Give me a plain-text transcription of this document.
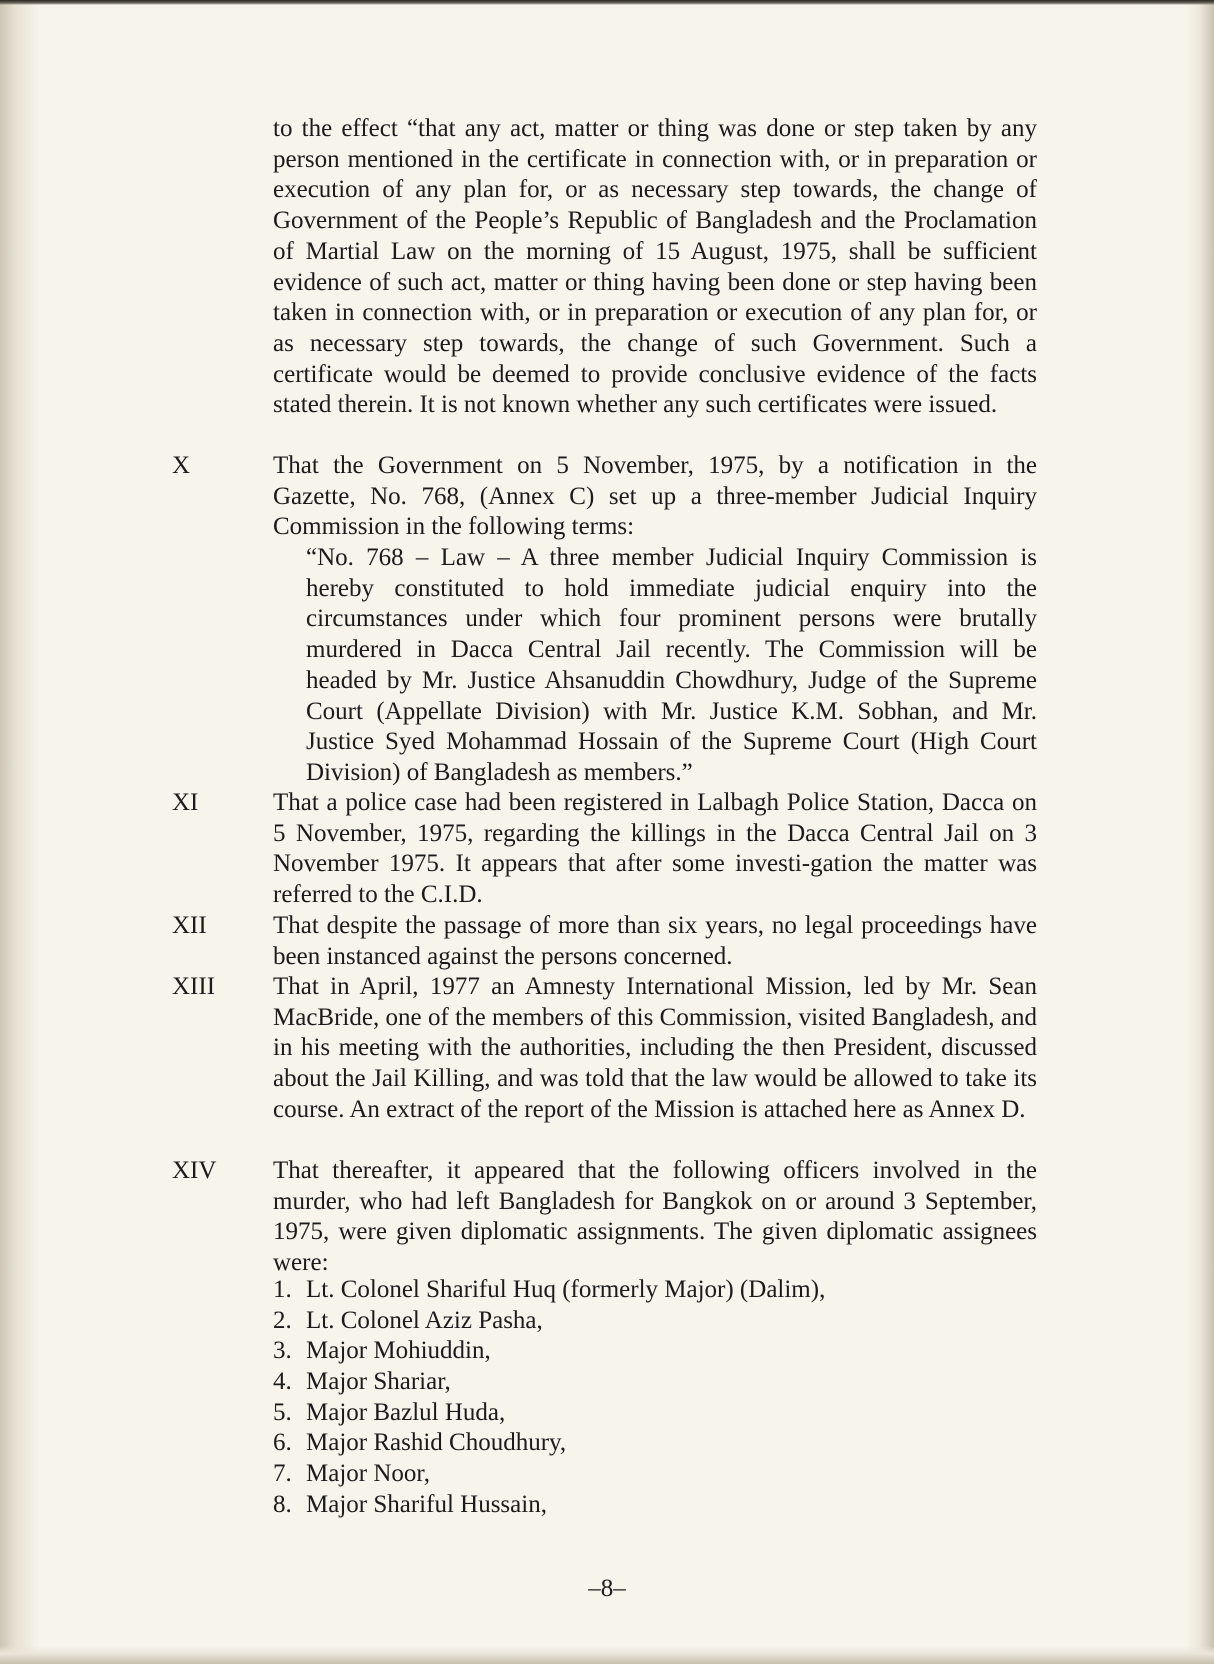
to the effect “that any act, matter or thing was done or step taken by any person mentioned in the certificate in connection with, or in preparation or execution of any plan for, or as necessary step towards, the change of Government of the People’s Republic of Bangladesh and the Proclamation of Martial Law on the morning of 15 August, 1975, shall be sufficient evidence of such act, matter or thing having been done or step having been taken in connection with, or in preparation or execution of any plan for, or as necessary step towards, the change of such Government. Such a certificate would be deemed to provide conclusive evidence of the facts stated therein. It is not known whether any such certificates were issued.

X	That the Government on 5 November, 1975, by a notification in the Gazette, No. 768, (Annex C) set up a three-member Judicial Inquiry Commission in the following terms:

“No. 768 – Law – A three member Judicial Inquiry Commission is hereby constituted to hold immediate judicial enquiry into the circumstances under which four prominent persons were brutally murdered in Dacca Central Jail recently. The Commission will be headed by Mr. Justice Ahsanuddin Chowdhury, Judge of the Supreme Court (Appellate Division) with Mr. Justice K.M. Sobhan, and Mr. Justice Syed Mohammad Hossain of the Supreme Court (High Court Division) of Bangladesh as members.”

XI	That a police case had been registered in Lalbagh Police Station, Dacca on 5 November, 1975, regarding the killings in the Dacca Central Jail on 3 November 1975. It appears that after some investi-gation the matter was referred to the C.I.D.

XII	That despite the passage of more than six years, no legal proceedings have been instanced against the persons concerned.

XIII That in April, 1977 an Amnesty International Mission, led by Mr. Sean MacBride, one of the members of this Commission, visited Bangladesh, and in his meeting with the authorities, including the then President, discussed about the Jail Killing, and was told that the law would be allowed to take its course. An extract of the report of the Mission is attached here as Annex D.

XIV That thereafter, it appeared that the following officers involved in the murder, who had left Bangladesh for Bangkok on or around 3 September, 1975, were given diplomatic assignments. The given diplomatic assignees were:

1. Lt. Colonel Shariful Huq (formerly Major) (Dalim),
2. Lt. Colonel Aziz Pasha,
3. Major Mohiuddin,
4. Major Shariar,
5. Major Bazlul Huda,
6. Major Rashid Choudhury,
7. Major Noor,
8. Major Shariful Hussain,
–8–
